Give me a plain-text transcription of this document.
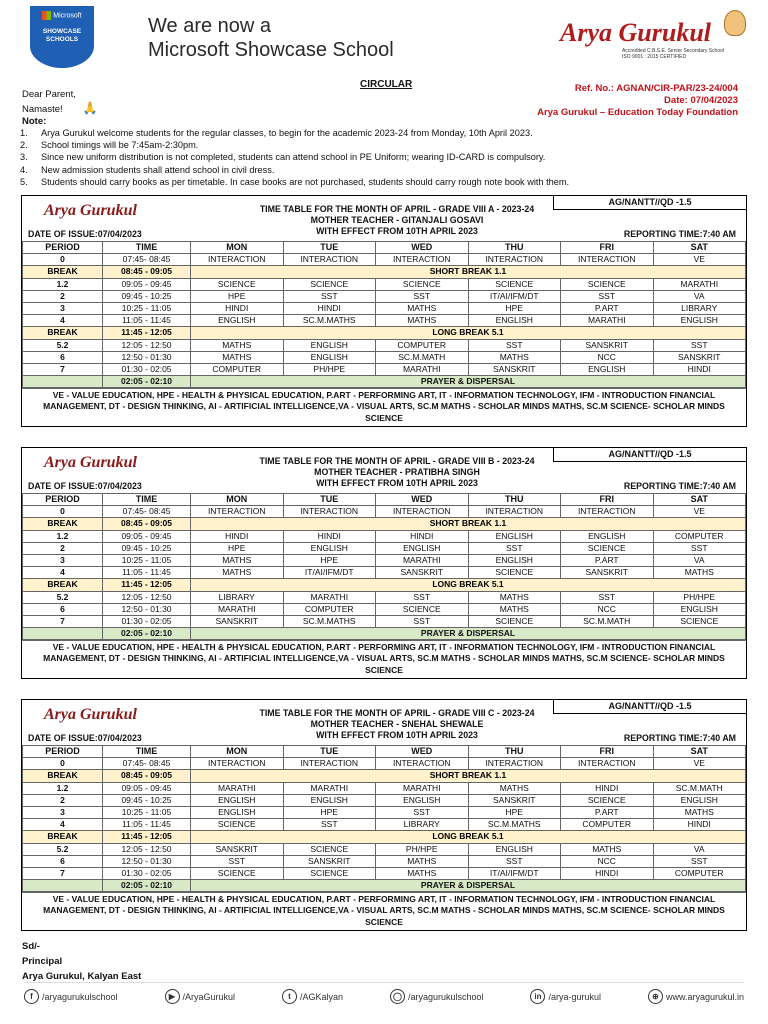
Microsoft
SHOWCASE SCHOOLS
We are now a
Microsoft Showcase School
Arya Gurukul
Accredited C.B.S.E. Senior Secondary School
ISO 9001 : 2015 CERTIFIED
CIRCULAR	Ref. No.: AGNAN/CIR-PAR/23-24/004
Date: 07/04/2023
Arya Gurukul – Education Today Foundation
Dear Parent,
Namaste! 🙏
Note:
1. Arya Gurukul welcome students for the regular classes, to begin for the academic 2023-24 from Monday, 10th April 2023.
2. School timings will be 7:45am-2:30pm.
3. Since new uniform distribution is not completed, students can attend school in PE Uniform; wearing ID-CARD is compulsory.
4. New admission students shall attend school in civil dress.
5. Students should carry books as per timetable. In case books are not purchased, students should carry rough note book with them.
AG/NANTT//QD -1.5
Arya Gurukul	TIME TABLE FOR THE MONTH OF APRIL - GRADE VIII A - 2023-24
MOTHER TEACHER - GITANJALI GOSAVI
DATE OF ISSUE:07/04/2023	WITH EFFECT FROM 10TH APRIL 2023	REPORTING TIME:7:40 AM
PERIOD	TIME	MON	TUE	WED	THU	FRI	SAT
0	07:45- 08:45	INTERACTION	INTERACTION	INTERACTION	INTERACTION	INTERACTION	VE
BREAK	08:45 - 09:05	SHORT BREAK 1.1					
1.2	09:05 - 09:45	SCIENCE	SCIENCE	SCIENCE	SCIENCE	SCIENCE	MARATHI
2	09:45 - 10:25	HPE	SST	SST	IT/AI/IFM/DT	SST	VA
3	10:25 - 11:05	HINDI	HINDI	MATHS	HPE	P.ART	LIBRARY
4	11:05 - 11:45	ENGLISH	SC.M.MATHS	MATHS	ENGLISH	MARATHI	ENGLISH
BREAK	11:45 - 12:05	LONG BREAK 5.1					
5.2	12:05 - 12:50	MATHS	ENGLISH	COMPUTER	SST	SANSKRIT	SST
6	12:50 - 01:30	MATHS	ENGLISH	SC.M.MATH	MATHS	NCC	SANSKRIT
7	01:30 - 02:05	COMPUTER	PH/HPE	MARATHI	SANSKRIT	ENGLISH	HINDI
	02:05 - 02:10	PRAYER & DISPERSAL					
VE - VALUE EDUCATION, HPE - HEALTH & PHYSICAL EDUCATION, P.ART - PERFORMING ART, IT - INFORMATION TECHNOLOGY, IFM - INTRODUCTION FINANCIAL MANAGEMENT, DT - DESIGN THINKING, AI - ARTIFICIAL INTELLIGENCE,VA - VISUAL ARTS, SC.M MATHS - SCHOLAR MINDS MATHS, SC.M SCIENCE- SCHOLAR MINDS SCIENCE
AG/NANTT//QD -1.5
Arya Gurukul	TIME TABLE FOR THE MONTH OF APRIL - GRADE VIII B - 2023-24
MOTHER TEACHER - PRATIBHA SINGH
DATE OF ISSUE:07/04/2023	WITH EFFECT FROM 10TH APRIL 2023	REPORTING TIME:7:40 AM
PERIOD	TIME	MON	TUE	WED	THU	FRI	SAT
0	07:45- 08:45	INTERACTION	INTERACTION	INTERACTION	INTERACTION	INTERACTION	VE
BREAK	08:45 - 09:05	SHORT BREAK 1.1					
1.2	09:05 - 09:45	HINDI	HINDI	HINDI	ENGLISH	ENGLISH	COMPUTER
2	09:45 - 10:25	HPE	ENGLISH	ENGLISH	SST	SCIENCE	SST
3	10:25 - 11:05	MATHS	HPE	MARATHI	ENGLISH	P.ART	VA
4	11:05 - 11:45	MATHS	IT/AI/IFM/DT	SANSKRIT	SCIENCE	SANSKRIT	MATHS
BREAK	11:45 - 12:05	LONG BREAK 5.1					
5.2	12:05 - 12:50	LIBRARY	MARATHI	SST	MATHS	SST	PH/HPE
6	12:50 - 01:30	MARATHI	COMPUTER	SCIENCE	MATHS	NCC	ENGLISH
7	01:30 - 02:05	SANSKRIT	SC.M.MATHS	SST	SCIENCE	SC.M.MATH	SCIENCE
	02:05 - 02:10	PRAYER & DISPERSAL					
VE - VALUE EDUCATION, HPE - HEALTH & PHYSICAL EDUCATION, P.ART - PERFORMING ART, IT - INFORMATION TECHNOLOGY, IFM - INTRODUCTION FINANCIAL MANAGEMENT, DT - DESIGN THINKING, AI - ARTIFICIAL INTELLIGENCE,VA - VISUAL ARTS, SC.M MATHS - SCHOLAR MINDS MATHS, SC.M SCIENCE- SCHOLAR MINDS SCIENCE
AG/NANTT//QD -1.5
Arya Gurukul	TIME TABLE FOR THE MONTH OF APRIL - GRADE VIII C - 2023-24
MOTHER TEACHER - SNEHAL SHEWALE
DATE OF ISSUE:07/04/2023	WITH EFFECT FROM 10TH APRIL 2023	REPORTING TIME:7:40 AM
PERIOD	TIME	MON	TUE	WED	THU	FRI	SAT
0	07:45- 08:45	INTERACTION	INTERACTION	INTERACTION	INTERACTION	INTERACTION	VE
BREAK	08:45 - 09:05	SHORT BREAK 1.1					
1.2	09:05 - 09:45	MARATHI	MARATHI	MARATHI	MATHS	HINDI	SC.M.MATH
2	09:45 - 10:25	ENGLISH	ENGLISH	ENGLISH	SANSKRIT	SCIENCE	ENGLISH
3	10:25 - 11:05	ENGLISH	HPE	SST	HPE	P.ART	MATHS
4	11:05 - 11:45	SCIENCE	SST	LIBRARY	SC.M.MATHS	COMPUTER	HINDI
BREAK	11:45 - 12:05	LONG BREAK 5.1					
5.2	12:05 - 12:50	SANSKRIT	SCIENCE	PH/HPE	ENGLISH	MATHS	VA
6	12:50 - 01:30	SST	SANSKRIT	MATHS	SST	NCC	SST
7	01:30 - 02:05	SCIENCE	SCIENCE	MATHS	IT/AI/IFM/DT	HINDI	COMPUTER
	02:05 - 02:10	PRAYER & DISPERSAL					
VE - VALUE EDUCATION, HPE - HEALTH & PHYSICAL EDUCATION, P.ART - PERFORMING ART, IT - INFORMATION TECHNOLOGY, IFM - INTRODUCTION FINANCIAL MANAGEMENT, DT - DESIGN THINKING, AI - ARTIFICIAL INTELLIGENCE,VA - VISUAL ARTS, SC.M MATHS - SCHOLAR MINDS MATHS, SC.M SCIENCE- SCHOLAR MINDS SCIENCE
Sd/-
Principal
Arya Gurukul, Kalyan East
f	/aryagurukulschool	▶ /AryaGurukul	t	/AGKalyan	◯ /aryagurukulschool	in /arya-gurukul	⊕ www.aryagurukul.in
